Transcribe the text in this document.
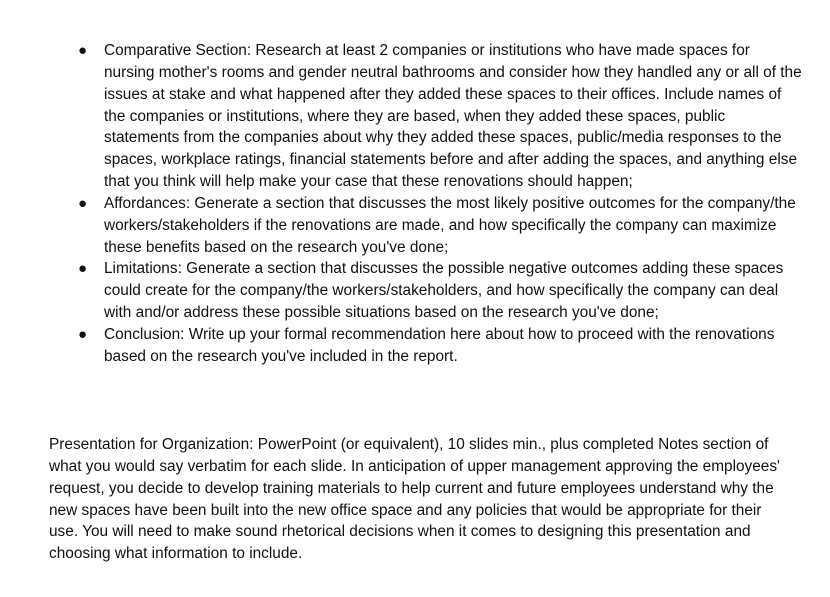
● Comparative Section: Research at least 2 companies or institutions who have made spaces for nursing mother's rooms and gender neutral bathrooms and consider how they handled any or all of the issues at stake and what happened after they added these spaces to their offices. Include names of the companies or institutions, where they are based, when they added these spaces, public statements from the companies about why they added these spaces, public/media responses to the spaces, workplace ratings, financial statements before and after adding the spaces, and anything else that you think will help make your case that these renovations should happen;
● Affordances: Generate a section that discusses the most likely positive outcomes for the company/the workers/stakeholders if the renovations are made, and how specifically the company can maximize these benefits based on the research you've done;
● Limitations: Generate a section that discusses the possible negative outcomes adding these spaces could create for the company/the workers/stakeholders, and how specifically the company can deal with and/or address these possible situations based on the research you've done;
● Conclusion: Write up your formal recommendation here about how to proceed with the renovations based on the research you've included in the report.

Presentation for Organization: PowerPoint (or equivalent), 10 slides min., plus completed Notes section of what you would say verbatim for each slide. In anticipation of upper management approving the employees' request, you decide to develop training materials to help current and future employees understand why the new spaces have been built into the new office space and any policies that would be appropriate for their use. You will need to make sound rhetorical decisions when it comes to designing this presentation and choosing what information to include.
